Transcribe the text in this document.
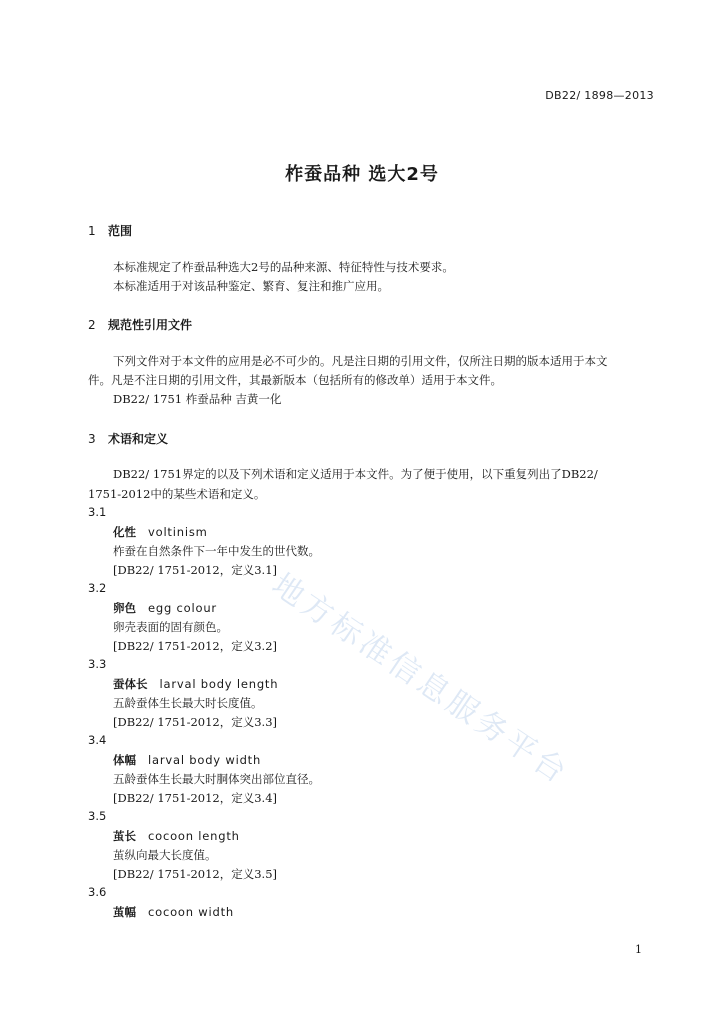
DB22/ 1898—2013
柞蚕品种 选大2号
1 范围
本标准规定了柞蚕品种选大2号的品种来源、特征特性与技术要求。
本标准适用于对该品种鉴定、繁育、复注和推广应用。
2 规范性引用文件
下列文件对于本文件的应用是必不可少的。凡是注日期的引用文件，仅所注日期的版本适用于本文
件。凡是不注日期的引用文件，其最新版本（包括所有的修改单）适用于本文件。
DB22/ 1751 柞蚕品种 吉黄一化
3 术语和定义
DB22/ 1751界定的以及下列术语和定义适用于本文件。为了便于使用，以下重复列出了DB22/
1751-2012中的某些术语和定义。
3.1
化性 voltinism
柞蚕在自然条件下一年中发生的世代数。
[DB22/ 1751-2012，定义3.1]
3.2
卵色 egg colour
卵壳表面的固有颜色。
[DB22/ 1751-2012，定义3.2]
3.3
蚕体长 larval body length
五龄蚕体生长最大时长度值。
[DB22/ 1751-2012，定义3.3]
3.4
体幅 larval body width
五龄蚕体生长最大时胴体突出部位直径。
[DB22/ 1751-2012，定义3.4]
3.5
茧长 cocoon length
茧纵向最大长度值。
[DB22/ 1751-2012，定义3.5]
3.6
茧幅 cocoon width
地方标准信息服务平台
1
